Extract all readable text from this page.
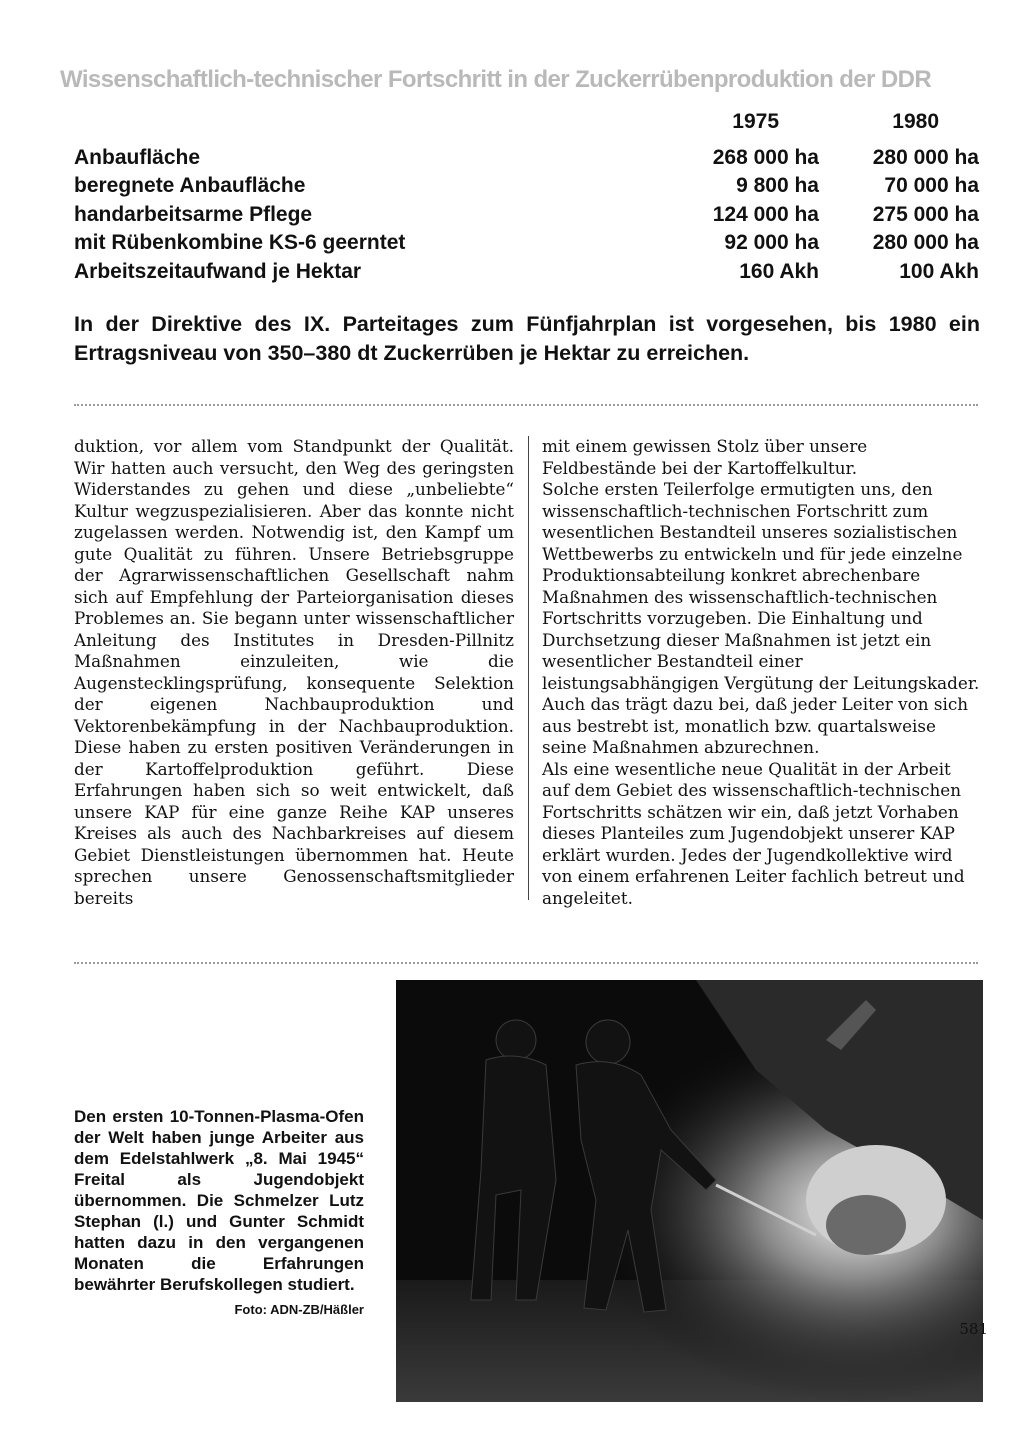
Wissenschaftlich-technischer Fortschritt in der Zuckerrübenproduktion der DDR
1975	1980
Anbaufläche	268 000 ha	280 000 ha
beregnete Anbaufläche	9 800 ha	70 000 ha
handarbeitsarme Pflege	124 000 ha	275 000 ha
mit Rübenkombine KS-6 geerntet	92 000 ha	280 000 ha
Arbeitszeitaufwand je Hektar	160 Akh	100 Akh
In der Direktive des IX. Parteitages zum Fünfjahrplan ist vorgesehen, bis 1980 ein Ertragsniveau von 350–380 dt Zuckerrüben je Hektar zu erreichen.
duktion, vor allem vom Standpunkt der Qualität. Wir hatten auch versucht, den Weg des geringsten Widerstandes zu gehen und diese „unbeliebte“ Kultur wegzuspezialisieren. Aber das konnte nicht zugelassen werden. Notwendig ist, den Kampf um gute Qualität zu führen. Unsere Betriebsgruppe der Agrarwissenschaftlichen Gesellschaft nahm sich auf Empfehlung der Parteiorganisation dieses Problemes an. Sie begann unter wissenschaftlicher Anleitung des Institutes in Dresden-Pillnitz Maßnahmen einzuleiten, wie die Augenstecklingsprüfung, konsequente Selektion der eigenen Nachbauproduktion und Vektorenbekämpfung in der Nachbauproduktion. Diese haben zu ersten positiven Veränderungen in der Kartoffelproduktion geführt. Diese Erfahrungen haben sich so weit entwickelt, daß unsere KAP für eine ganze Reihe KAP unseres Kreises als auch des Nachbarkreises auf diesem Gebiet Dienstleistungen übernommen hat. Heute sprechen unsere Genossenschaftsmitglieder bereits

mit einem gewissen Stolz über unsere Feldbestände bei der Kartoffelkultur.

Solche ersten Teilerfolge ermutigten uns, den wissenschaftlich-technischen Fortschritt zum wesentlichen Bestandteil unseres sozialistischen Wettbewerbs zu entwickeln und für jede einzelne Produktionsabteilung konkret abrechenbare Maßnahmen des wissenschaftlich-technischen Fortschritts vorzugeben. Die Einhaltung und Durchsetzung dieser Maßnahmen ist jetzt ein wesentlicher Bestandteil einer leistungsabhängigen Vergütung der Leitungskader. Auch das trägt dazu bei, daß jeder Leiter von sich aus bestrebt ist, monatlich bzw. quartalsweise seine Maßnahmen abzurechnen.

Als eine wesentliche neue Qualität in der Arbeit auf dem Gebiet des wissenschaftlich-technischen Fortschritts schätzen wir ein, daß jetzt Vorhaben dieses Planteiles zum Jugendobjekt unserer KAP erklärt wurden. Jedes der Jugendkollektive wird von einem erfahrenen Leiter fachlich betreut und angeleitet.

Den ersten 10-Tonnen-Plasma-Ofen der Welt haben junge Arbeiter aus dem Edelstahlwerk „8. Mai 1945“ Freital als Jugendobjekt übernommen. Die Schmelzer Lutz Stephan (l.) und Gunter Schmidt hatten dazu in den vergangenen Monaten die Erfahrungen bewährter Berufskollegen studiert.
Foto: ADN-ZB/Häßler
581
